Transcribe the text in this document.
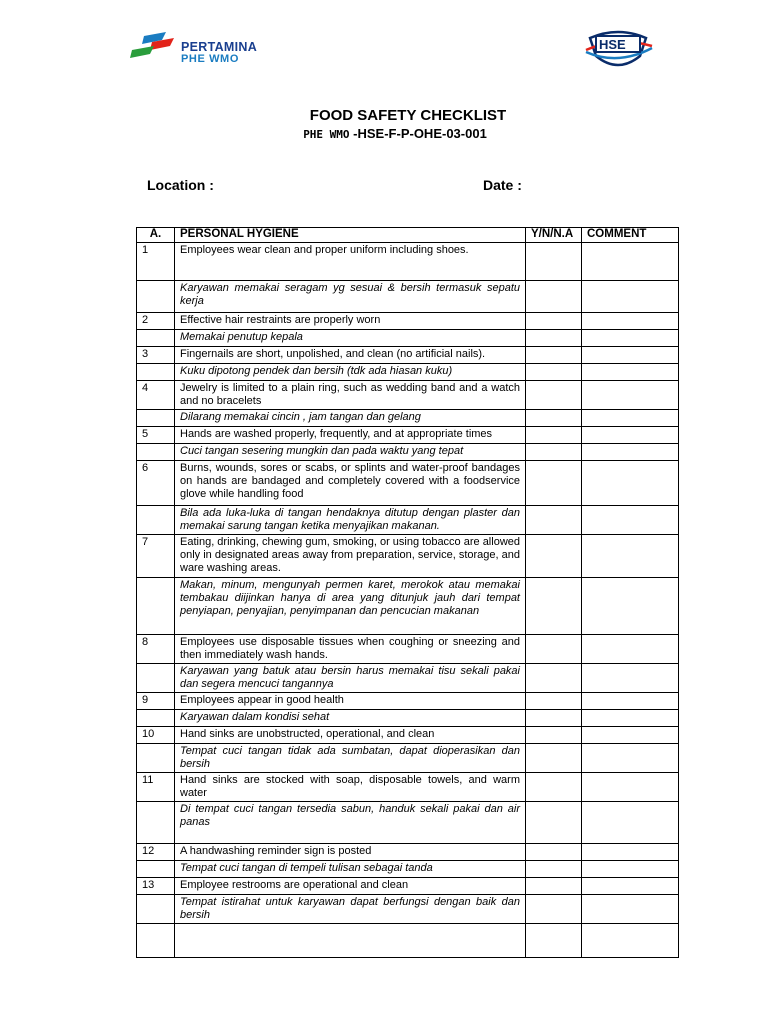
PERTAMINA
PHE WMO
HSE
FOOD SAFETY CHECKLIST
PHE WMO -HSE-F-P-OHE-03-001
Location :	Date :
A.	PERSONAL HYGIENE	Y/N/N.A	COMMENT
1	Employees wear clean and proper uniform including shoes.		
	Karyawan memakai seragam yg sesuai & bersih termasuk sepatu kerja		
2	Effective hair restraints are properly worn		
	Memakai penutup kepala		
3	Fingernails are short, unpolished, and clean (no artificial nails).		
	Kuku dipotong pendek dan bersih (tdk ada hiasan kuku)		
4	Jewelry is limited to a plain ring, such as wedding band and a watch and no bracelets		
	Dilarang memakai cincin , jam tangan dan gelang		
5	Hands are washed properly, frequently, and at appropriate times		
	Cuci tangan sesering mungkin dan pada waktu yang tepat		
6	Burns, wounds, sores or scabs, or splints and water-proof bandages on hands are bandaged and completely covered with a foodservice glove while handling food		
	Bila ada luka-luka di tangan hendaknya ditutup dengan plaster dan memakai sarung tangan ketika menyajikan makanan.		
7	Eating, drinking, chewing gum, smoking, or using tobacco are allowed only in designated areas away from preparation, service, storage, and ware washing areas.		
	Makan, minum, mengunyah permen karet, merokok atau memakai tembakau diijinkan hanya di area yang ditunjuk jauh dari tempat penyiapan, penyajian, penyimpanan dan pencucian makanan		
8	Employees use disposable tissues when coughing or sneezing and then immediately wash hands.		
	Karyawan yang batuk atau bersin harus memakai tisu sekali pakai dan segera mencuci tangannya		
9	Employees appear in good health		
	Karyawan dalam kondisi sehat		
10	Hand sinks are unobstructed, operational, and clean		
	Tempat cuci tangan tidak ada sumbatan, dapat dioperasikan dan bersih		
11	Hand sinks are stocked with soap, disposable towels, and warm water		
	Di tempat cuci tangan tersedia sabun, handuk sekali pakai dan air panas		
12	A handwashing reminder sign is posted		
	Tempat cuci tangan di tempeli tulisan sebagai tanda		
13	Employee restrooms are operational and clean		
	Tempat istirahat untuk karyawan dapat berfungsi dengan baik dan bersih		
